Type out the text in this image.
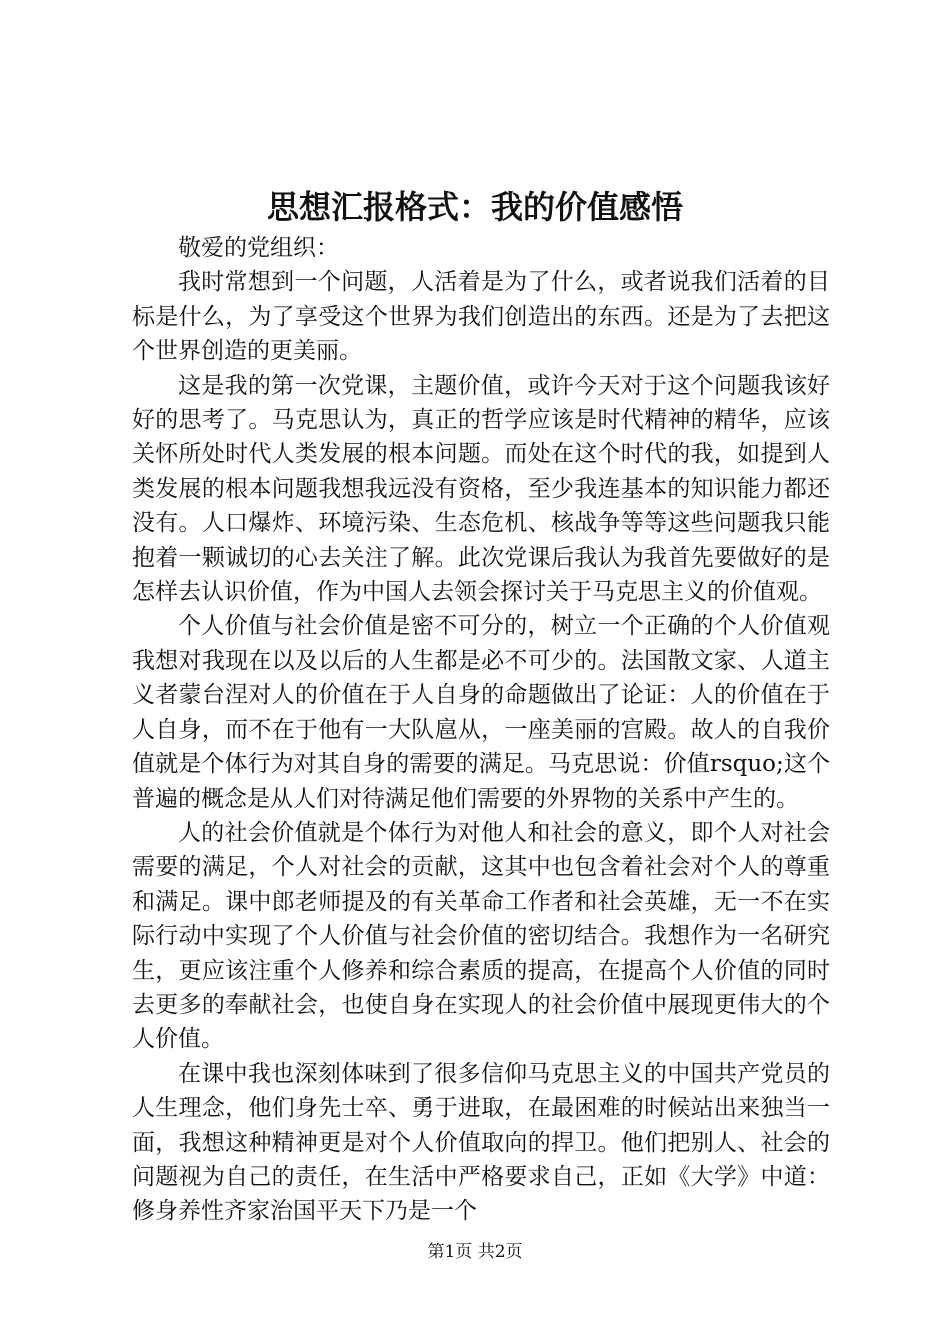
思想汇报格式：我的价值感悟

敬爱的党组织：

我时常想到一个问题，人活着是为了什么，或者说我们活着的目标是什么，为了享受这个世界为我们创造出的东西。还是为了去把这个世界创造的更美丽。

这是我的第一次党课，主题价值，或许今天对于这个问题我该好好的思考了。马克思认为，真正的哲学应该是时代精神的精华，应该关怀所处时代人类发展的根本问题。而处在这个时代的我，如提到人类发展的根本问题我想我远没有资格，至少我连基本的知识能力都还没有。人口爆炸、环境污染、生态危机、核战争等等这些问题我只能抱着一颗诚切的心去关注了解。此次党课后我认为我首先要做好的是怎样去认识价值，作为中国人去领会探讨关于马克思主义的价值观。

个人价值与社会价值是密不可分的，树立一个正确的个人价值观我想对我现在以及以后的人生都是必不可少的。法国散文家、人道主义者蒙台涅对人的价值在于人自身的命题做出了论证：人的价值在于人自身，而不在于他有一大队扈从，一座美丽的宫殿。故人的自我价值就是个体行为对其自身的需要的满足。马克思说：价值rsquo;这个普遍的概念是从人们对待满足他们需要的外界物的关系中产生的。

人的社会价值就是个体行为对他人和社会的意义，即个人对社会需要的满足，个人对社会的贡献，这其中也包含着社会对个人的尊重和满足。课中郎老师提及的有关革命工作者和社会英雄，无一不在实际行动中实现了个人价值与社会价值的密切结合。我想作为一名研究生，更应该注重个人修养和综合素质的提高，在提高个人价值的同时去更多的奉献社会，也使自身在实现人的社会价值中展现更伟大的个人价值。

在课中我也深刻体味到了很多信仰马克思主义的中国共产党员的人生理念，他们身先士卒、勇于进取，在最困难的时候站出来独当一面，我想这种精神更是对个人价值取向的捍卫。他们把别人、社会的问题视为自己的责任，在生活中严格要求自己，正如《大学》中道：修身养性齐家治国平天下乃是一个

第1页 共2页
